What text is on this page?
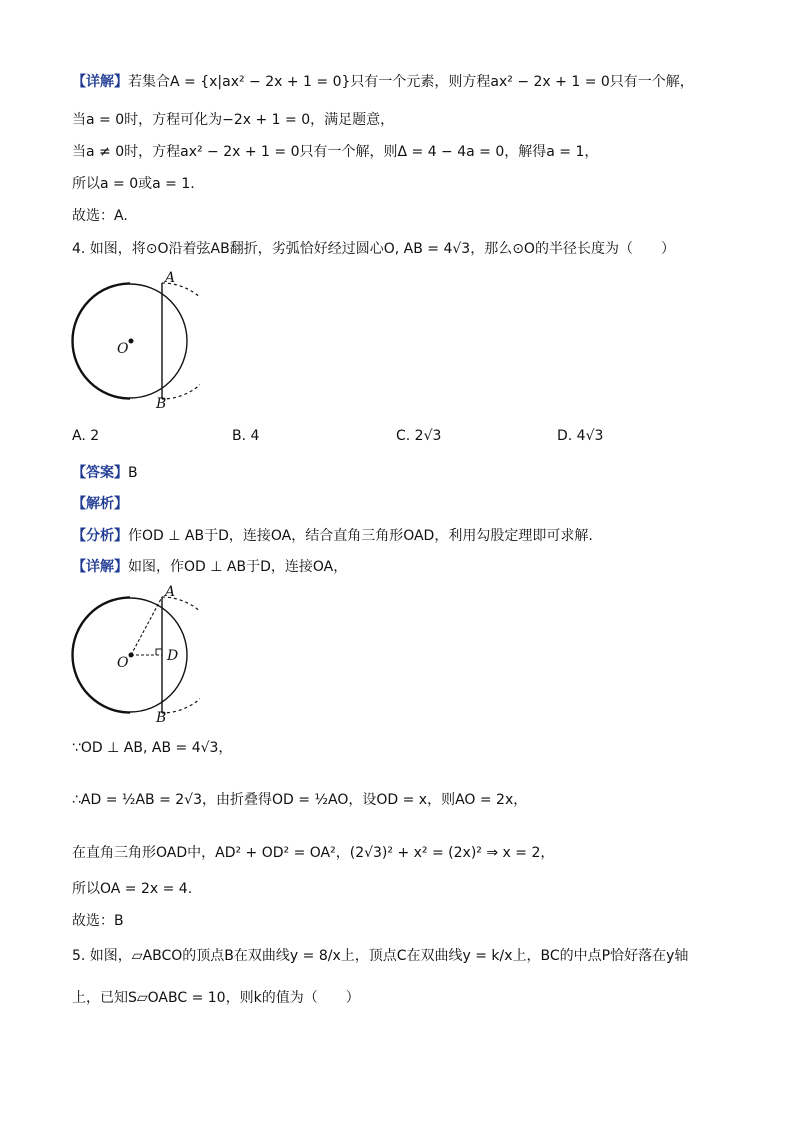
【详解】若集合A = {x|ax² − 2x + 1 = 0}只有一个元素，则方程ax² − 2x + 1 = 0只有一个解，
当a = 0时，方程可化为−2x + 1 = 0，满足题意，
当a ≠ 0时，方程ax² − 2x + 1 = 0只有一个解，则Δ = 4 − 4a = 0，解得a = 1，
所以a = 0或a = 1.
故选：A.
4. 如图，将⊙O沿着弦AB翻折，劣弧恰好经过圆心O, AB = 4√3，那么⊙O的半径长度为（　　）
A
B
O
A. 2	B. 4	C. 2√3	D. 4√3
【答案】B
【解析】
【分析】作OD ⊥ AB于D，连接OA，结合直角三角形OAD，利用勾股定理即可求解.
【详解】如图，作OD ⊥ AB于D，连接OA，
A
B
O	D
∵OD ⊥ AB, AB = 4√3，
∴AD = ½AB = 2√3，由折叠得OD = ½AO，设OD = x，则AO = 2x，
在直角三角形OAD中，AD² + OD² = OA²，(2√3)² + x² = (2x)² ⇒ x = 2，
所以OA = 2x = 4.
故选：B
5. 如图，▱ABCO的顶点B在双曲线y = 8/x上，顶点C在双曲线y = k/x上，BC的中点P恰好落在y轴
上，已知S▱OABC = 10，则k的值为（　　）
